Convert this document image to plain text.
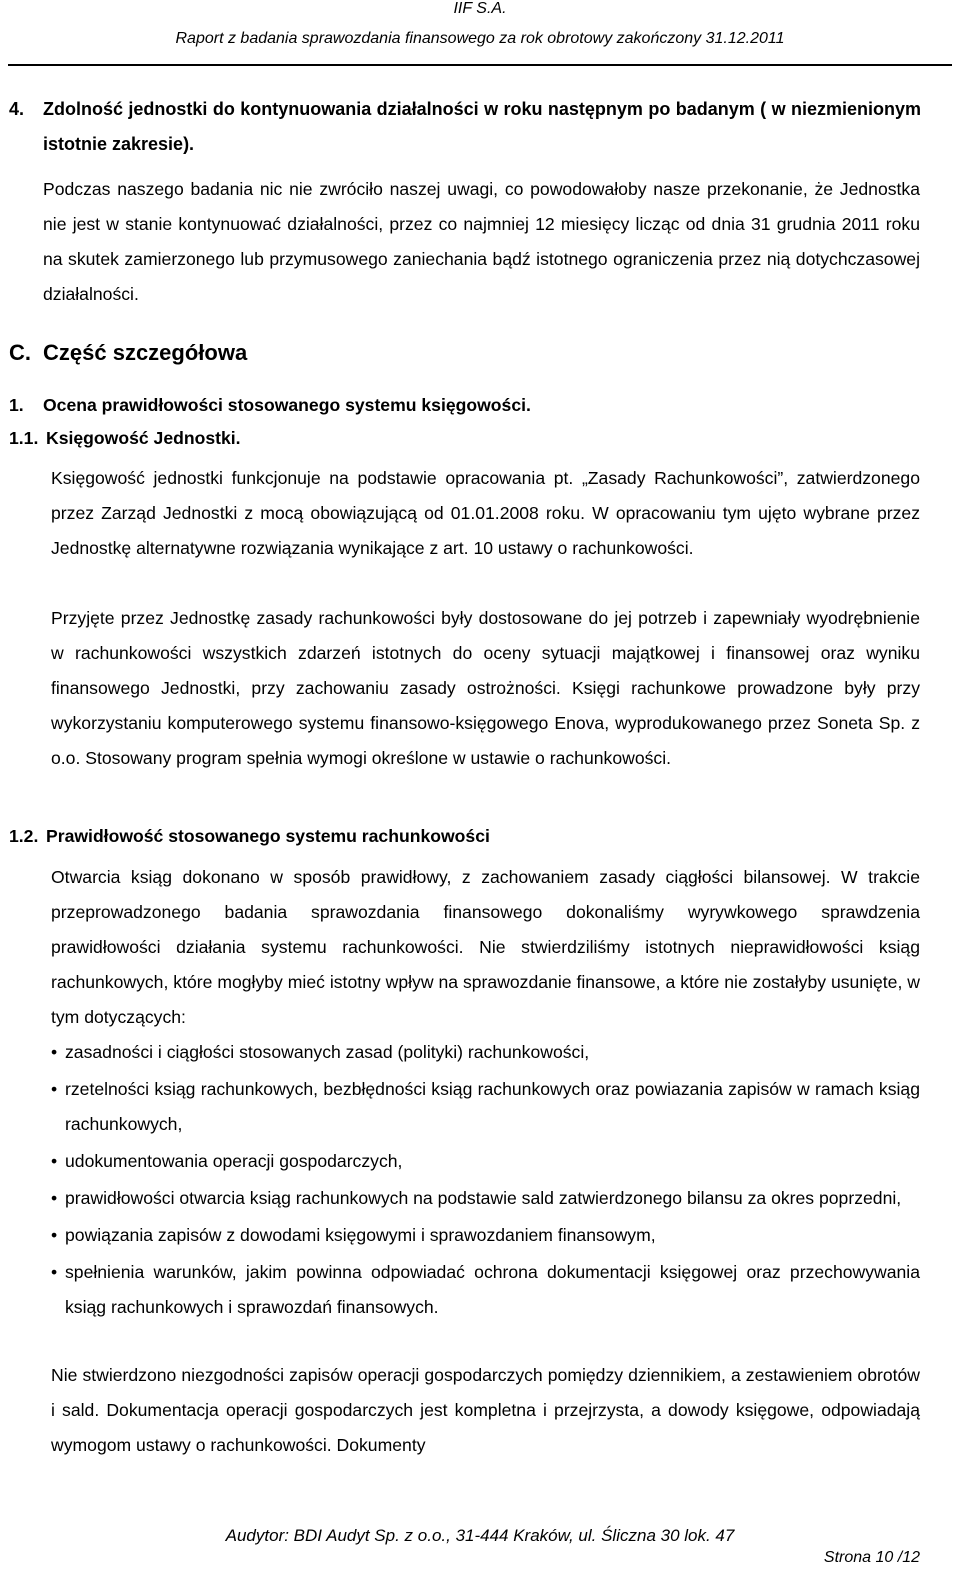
IIF S.A.
Raport z badania sprawozdania finansowego za rok obrotowy zakończony 31.12.2011
4. Zdolność jednostki do kontynuowania działalności w roku następnym po badanym ( w niezmienionym istotnie zakresie).
Podczas naszego badania nic nie zwróciło naszej uwagi, co powodowałoby nasze przekonanie, że Jednostka nie jest w stanie kontynuować działalności, przez co najmniej 12 miesięcy licząc od dnia 31 grudnia 2011 roku na skutek zamierzonego lub przymusowego zaniechania bądź istotnego ograniczenia przez nią dotychczasowej działalności.
C. Część szczegółowa
1. Ocena prawidłowości stosowanego systemu księgowości.
1.1. Księgowość Jednostki.
Księgowość jednostki funkcjonuje na podstawie opracowania pt. „Zasady Rachunkowości”, zatwierdzonego przez Zarząd Jednostki z mocą obowiązującą od 01.01.2008 roku. W opracowaniu tym ujęto wybrane przez Jednostkę alternatywne rozwiązania wynikające z art. 10 ustawy o rachunkowości.
Przyjęte przez Jednostkę zasady rachunkowości były dostosowane do jej potrzeb i zapewniały wyodrębnienie w rachunkowości wszystkich zdarzeń istotnych do oceny sytuacji majątkowej i finansowej oraz wyniku finansowego Jednostki, przy zachowaniu zasady ostrożności. Księgi rachunkowe prowadzone były przy wykorzystaniu komputerowego systemu finansowo-księgowego Enova, wyprodukowanego przez Soneta Sp. z o.o. Stosowany program spełnia wymogi określone w ustawie o rachunkowości.
1.2. Prawidłowość stosowanego systemu rachunkowości
Otwarcia ksiąg dokonano w sposób prawidłowy, z zachowaniem zasady ciągłości bilansowej. W trakcie przeprowadzonego badania sprawozdania finansowego dokonaliśmy wyrywkowego sprawdzenia prawidłowości działania systemu rachunkowości. Nie stwierdziliśmy istotnych nieprawidłowości ksiąg rachunkowych, które mogłyby mieć istotny wpływ na sprawozdanie finansowe, a które nie zostałyby usunięte, w tym dotyczących:
• zasadności i ciągłości stosowanych zasad (polityki) rachunkowości,
• rzetelności ksiąg rachunkowych, bezbłędności ksiąg rachunkowych oraz powiazania zapisów w ramach ksiąg rachunkowych,
• udokumentowania operacji gospodarczych,
• prawidłowości otwarcia ksiąg rachunkowych na podstawie sald zatwierdzonego bilansu za okres poprzedni,
• powiązania zapisów z dowodami księgowymi i sprawozdaniem finansowym,
• spełnienia warunków, jakim powinna odpowiadać ochrona dokumentacji księgowej oraz przechowywania ksiąg rachunkowych i sprawozdań finansowych.
Nie stwierdzono niezgodności zapisów operacji gospodarczych pomiędzy dziennikiem, a zestawieniem obrotów i sald. Dokumentacja operacji gospodarczych jest kompletna i przejrzysta, a dowody księgowe, odpowiadają wymogom ustawy o rachunkowości. Dokumenty
Audytor: BDI Audyt Sp. z o.o., 31-444 Kraków, ul. Śliczna 30 lok. 47
Strona 10 /12
